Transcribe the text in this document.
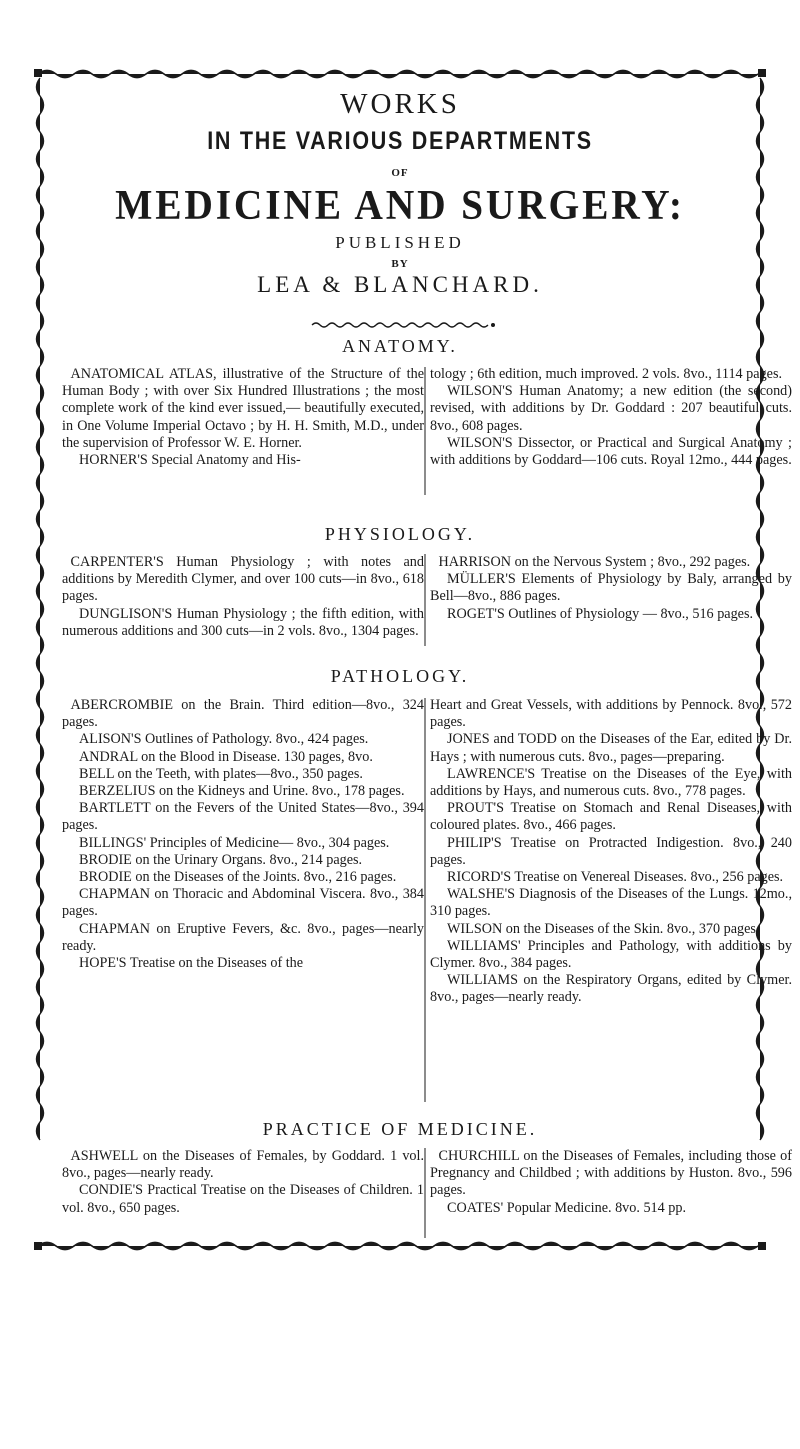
WORKS
IN THE VARIOUS DEPARTMENTS
OF
MEDICINE AND SURGERY:
PUBLISHED
BY
LEA & BLANCHARD.
ANATOMY.

ANATOMICAL ATLAS, illustrative of the Structure of the Human Body ; with over Six Hundred Illustrations ; the most complete work of the kind ever issued,— beautifully executed, in One Volume Imperial Octavo ; by H. H. Smith, M.D., under the supervision of Professor W. E. Horner.

HORNER'S Special Anatomy and His-

tology ; 6th edition, much improved. 2 vols. 8vo., 1114 pages.

WILSON'S Human Anatomy; a new edition (the second) revised, with additions by Dr. Goddard : 207 beautiful cuts. 8vo., 608 pages.

WILSON'S Dissector, or Practical and Surgical Anatomy ; with additions by Goddard—106 cuts. Royal 12mo., 444 pages.

PHYSIOLOGY.

CARPENTER'S Human Physiology ; with notes and additions by Meredith Clymer, and over 100 cuts—in 8vo., 618 pages.

DUNGLISON'S Human Physiology ; the fifth edition, with numerous additions and 300 cuts—in 2 vols. 8vo., 1304 pages.

HARRISON on the Nervous System ; 8vo., 292 pages.

MÜLLER'S Elements of Physiology by Baly, arranged by Bell—8vo., 886 pages.

ROGET'S Outlines of Physiology — 8vo., 516 pages.

PATHOLOGY.

ABERCROMBIE on the Brain. Third edition—8vo., 324 pages.

ALISON'S Outlines of Pathology. 8vo., 424 pages.

ANDRAL on the Blood in Disease. 130 pages, 8vo.

BELL on the Teeth, with plates—8vo., 350 pages.

BERZELIUS on the Kidneys and Urine. 8vo., 178 pages.

BARTLETT on the Fevers of the United States—8vo., 394 pages.

BILLINGS' Principles of Medicine— 8vo., 304 pages.

BRODIE on the Urinary Organs. 8vo., 214 pages.

BRODIE on the Diseases of the Joints. 8vo., 216 pages.

CHAPMAN on Thoracic and Abdominal Viscera. 8vo., 384 pages.

CHAPMAN on Eruptive Fevers, &c. 8vo., pages—nearly ready.

HOPE'S Treatise on the Diseases of the

Heart and Great Vessels, with additions by Pennock. 8vo., 572 pages.

JONES and TODD on the Diseases of the Ear, edited by Dr. Hays ; with numerous cuts. 8vo., pages—preparing.

LAWRENCE'S Treatise on the Diseases of the Eye, with additions by Hays, and numerous cuts. 8vo., 778 pages.

PROUT'S Treatise on Stomach and Renal Diseases, with coloured plates. 8vo., 466 pages.

PHILIP'S Treatise on Protracted Indigestion. 8vo., 240 pages.

RICORD'S Treatise on Venereal Diseases. 8vo., 256 pages.

WALSHE'S Diagnosis of the Diseases of the Lungs. 12mo., 310 pages.

WILSON on the Diseases of the Skin. 8vo., 370 pages.

WILLIAMS' Principles and Pathology, with additions by Clymer. 8vo., 384 pages.

WILLIAMS on the Respiratory Organs, edited by Clymer. 8vo., pages—nearly ready.

PRACTICE OF MEDICINE.

ASHWELL on the Diseases of Females, by Goddard. 1 vol. 8vo., pages—nearly ready.

CONDIE'S Practical Treatise on the Diseases of Children. 1 vol. 8vo., 650 pages.

CHURCHILL on the Diseases of Females, including those of Pregnancy and Childbed ; with additions by Huston. 8vo., 596 pages.

COATES' Popular Medicine. 8vo. 514 pp.
